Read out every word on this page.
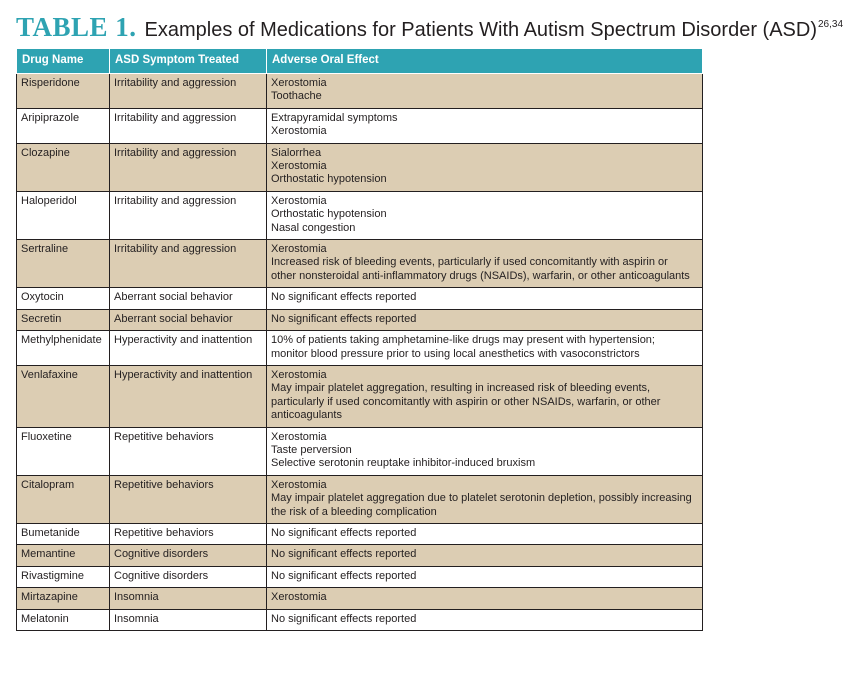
TABLE 1. Examples of Medications for Patients With Autism Spectrum Disorder (ASD)$^{26,34}$
Drug Name	ASD Symptom Treated	Adverse Oral Effect
Risperidone	Irritability and aggression	Xerostomia
Toothache

Aripiprazole	Irritability and aggression	Extrapyramidal symptoms
Xerostomia

Clozapine	Irritability and aggression	Sialorrhea
Xerostomia
Orthostatic hypotension

Haloperidol	Irritability and aggression	Xerostomia
Orthostatic hypotension
Nasal congestion

Sertraline	Irritability and aggression	Xerostomia
Increased risk of bleeding events, particularly if used concomitantly with aspirin or
other nonsteroidal anti-inflammatory drugs (NSAIDs), warfarin, or other anticoagulants

Oxytocin	Aberrant social behavior	No significant effects reported

Secretin	Aberrant social behavior	No significant effects reported

Methylphenidate	Hyperactivity and inattention	10% of patients taking amphetamine-like drugs may present with hypertension;
monitor blood pressure prior to using local anesthetics with vasoconstrictors

Venlafaxine	Hyperactivity and inattention	Xerostomia
May impair platelet aggregation, resulting in increased risk of bleeding events,
particularly if used concomitantly with aspirin or other NSAIDs, warfarin, or other
anticoagulants

Fluoxetine	Repetitive behaviors	Xerostomia
Taste perversion
Selective serotonin reuptake inhibitor-induced bruxism

Citalopram	Repetitive behaviors	Xerostomia
May impair platelet aggregation due to platelet serotonin depletion, possibly increasing
the risk of a bleeding complication

Bumetanide	Repetitive behaviors	No significant effects reported

Memantine	Cognitive disorders	No significant effects reported

Rivastigmine	Cognitive disorders	No significant effects reported

Mirtazapine	Insomnia	Xerostomia

Melatonin	Insomnia	No significant effects reported
